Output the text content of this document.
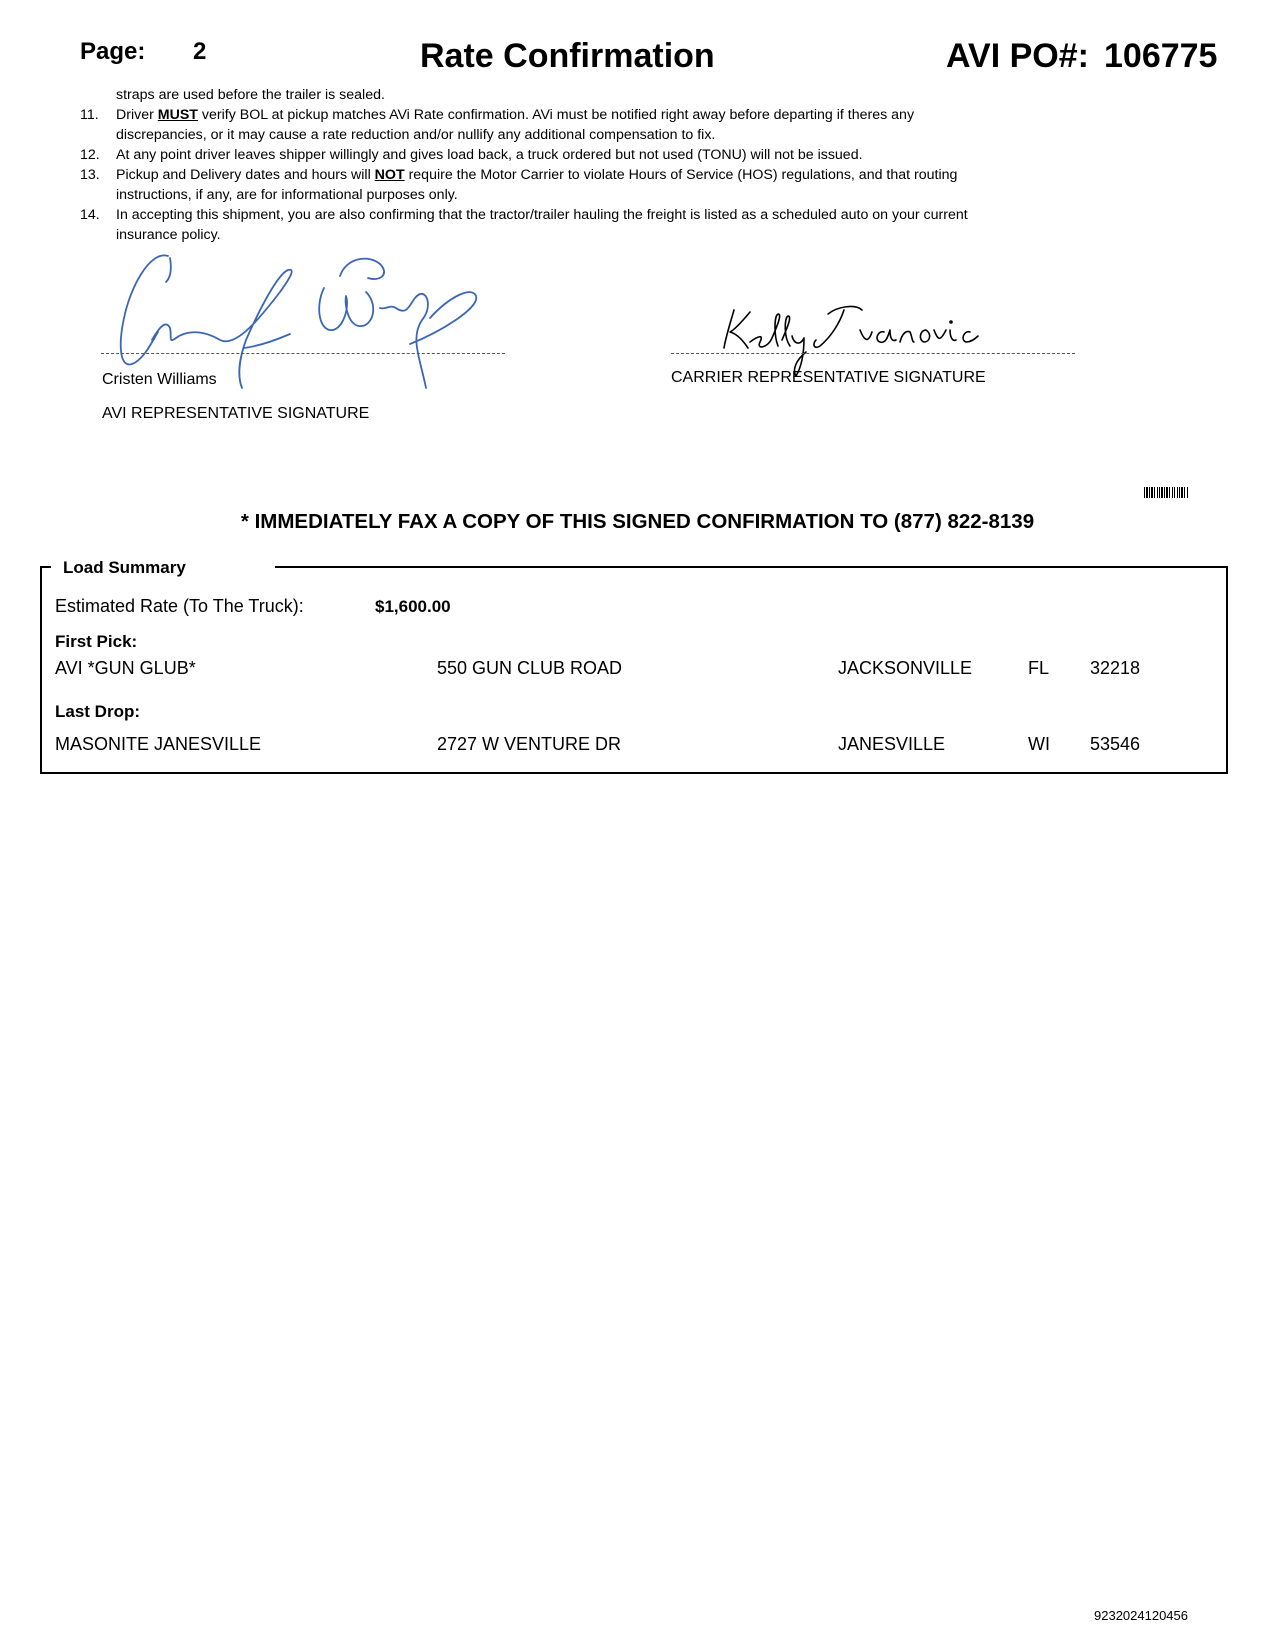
Page: 2	Rate Confirmation	AVI PO#: 106775
straps are used before the trailer is sealed.
11. Driver MUST verify BOL at pickup matches AVi Rate confirmation. AVi must be notified right away before departing if theres any
discrepancies, or it may cause a rate reduction and/or nullify any additional compensation to fix.
12. At any point driver leaves shipper willingly and gives load back, a truck ordered but not used (TONU) will not be issued.
13. Pickup and Delivery dates and hours will NOT require the Motor Carrier to violate Hours of Service (HOS) regulations, and that routing
instructions, if any, are for informational purposes only.
14. In accepting this shipment, you are also confirming that the tractor/trailer hauling the freight is listed as a scheduled auto on your current
insurance policy.
Cristen Williams
AVI REPRESENTATIVE SIGNATURE
CARRIER REPRESENTATIVE SIGNATURE
* IMMEDIATELY FAX A COPY OF THIS SIGNED CONFIRMATION TO (877) 822-8139
Load Summary
Estimated Rate (To The Truck):	$1,600.00
First Pick:
AVI *GUN GLUB*	550 GUN CLUB ROAD	JACKSONVILLE	FL 32218
Last Drop:
MASONITE JANESVILLE	2727 W VENTURE DR	JANESVILLE	WI 53546
9232024120456
